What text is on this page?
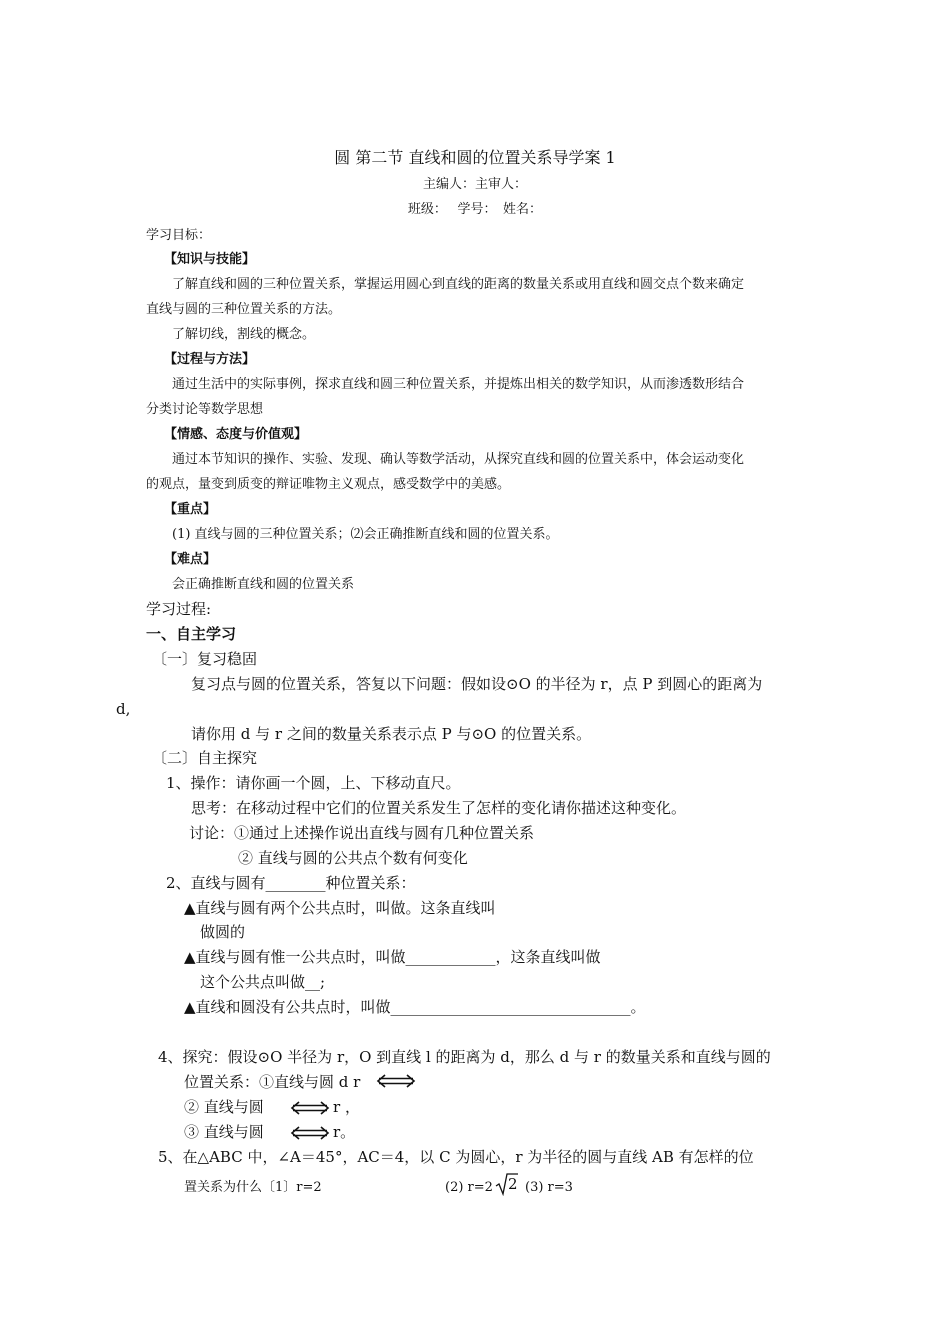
圆 第二节 直线和圆的位置关系导学案 1
主编人：主审人：
班级：　 学号：　姓名：
学习目标：
【知识与技能】
了解直线和圆的三种位置关系，掌握运用圆心到直线的距离的数量关系或用直线和圆交点个数来确定
直线与圆的三种位置关系的方法。
了解切线，割线的概念。
【过程与方法】
通过生活中的实际事例，探求直线和圆三种位置关系，并提炼出相关的数学知识，从而渗透数形结合
分类讨论等数学思想
【情感、态度与价值观】
通过本节知识的操作、实验、发现、确认等数学活动，从探究直线和圆的位置关系中，体会运动变化
的观点，量变到质变的辩证唯物主义观点，感受数学中的美感。
【重点】
(1) 直线与圆的三种位置关系；⑵会正确推断直线和圆的位置关系。
【难点】
会正确推断直线和圆的位置关系
学习过程:
一、自主学习
〔一〕复习稳固
复习点与圆的位置关系，答复以下问题：假如设⊙O 的半径为 r，点 P 到圆心的距离为
d,
请你用 d 与 r 之间的数量关系表示点 P 与⊙O 的位置关系。
〔二〕自主探究
1、操作：请你画一个圆，上、下移动直尺。
思考：在移动过程中它们的位置关系发生了怎样的变化请你描述这种变化。
讨论：①通过上述操作说出直线与圆有几种位置关系
② 直线与圆的公共点个数有何变化
2、直线与圆有________种位置关系：
▲直线与圆有两个公共点时，叫做。这条直线叫
做圆的
▲直线与圆有惟一公共点时，叫做____________，这条直线叫做
这个公共点叫做__;
▲直线和圆没有公共点时，叫做________________________________。
4、探究：假设⊙O 半径为 r，O 到直线 l 的距离为 d，那么 d 与 r 的数量关系和直线与圆的
位置关系：①直线与圆 d r
② 直线与圆	r ，
③ 直线与圆	r。
5、在△ABC 中，∠A＝45°，AC＝4，以 C 为圆心，r 为半径的圆与直线 AB 有怎样的位
置关系为什么〔1〕r=2	(2) r=2 2 (3) r=3
